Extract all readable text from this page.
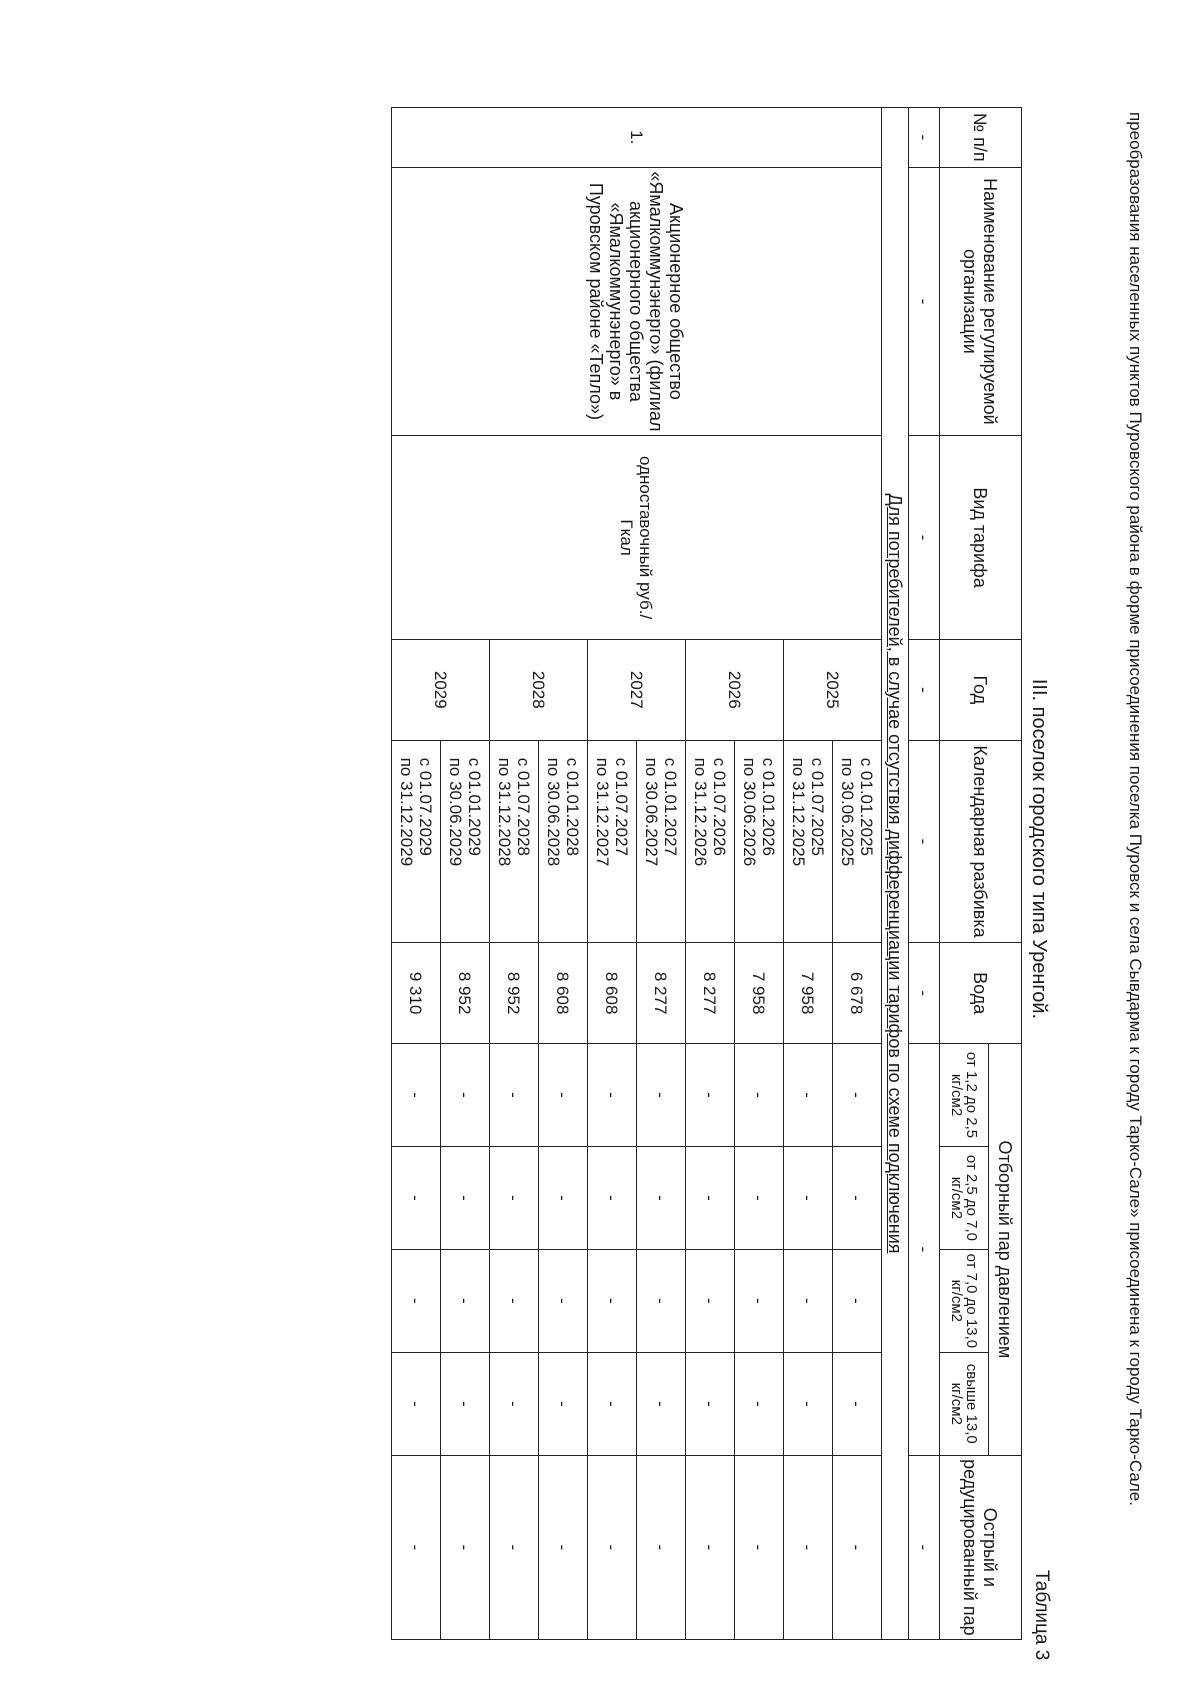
преобразования населенных пунктов Пуровского района в форме присоединения поселка Пуровск и села Сывдарма к городу Тарко-Сале» присоединена к городу Тарко-Сале.
III. поселок городского типа Уренгой.
Таблица 3
№ п/п	Наименование регулируемой организации	Вид тарифа	Год	Календарная разбивка	Вода	Отборный пар давлением				Острый и редуцированный пар
						от 1,2 до 2,5 кг/см2	от 2,5 до 7,0 кг/см2	от 7,0 до 13,0 кг/см2	свыше 13,0 кг/см2	
-	-	-	-	-	-	-				-
Для потребителей, в случае отсутствия дифференциации тарифов по схеме подключения										
1.	Акционерное общество «Ямалкоммунэнерго» (филиал акционерного общества «Ямалкоммунэнерго» в Пуровском районе «Тепло»)	одноставочный руб./Гкал	2025	с 01.01.2025
по 30.06.2025	6 678	-	-	-	-	-

				с 01.07.2025
по 31.12.2025	7 958	-	-	-	-	-
			2026	с 01.01.2026
по 30.06.2026	7 958	-	-	-	-	-

				с 01.07.2026
по 31.12.2026	8 277	-	-	-	-	-
			2027	с 01.01.2027
по 30.06.2027	8 277	-	-	-	-	-

				с 01.07.2027
по 31.12.2027	8 608	-	-	-	-	-
			2028	с 01.01.2028
по 30.06.2028	8 608	-	-	-	-	-

				с 01.07.2028
по 31.12.2028	8 952	-	-	-	-	-
			2029	с 01.01.2029
по 30.06.2029	8 952	-	-	-	-	-

				с 01.07.2029
по 31.12.2029	9 310	-	-	-	-	-
